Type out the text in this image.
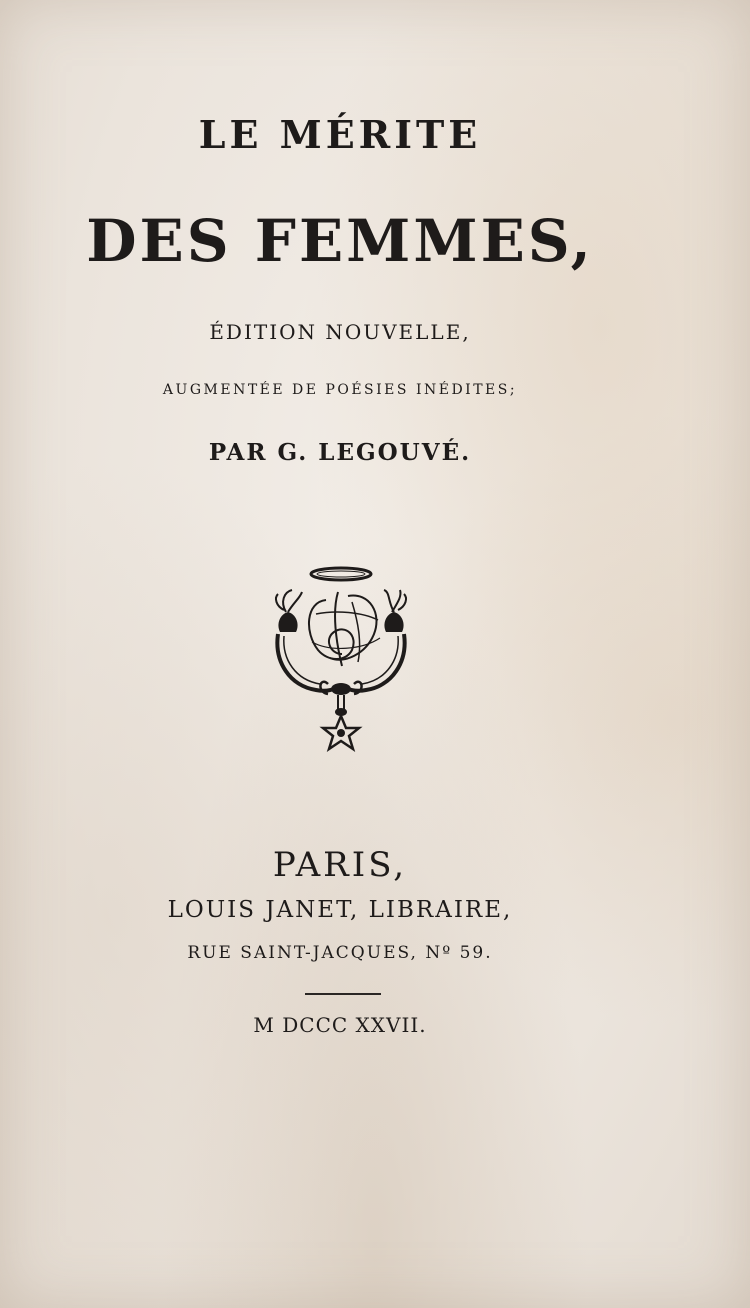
LE MÉRITE

DES FEMMES,

ÉDITION NOUVELLE,

AUGMENTÉE DE POÉSIES INÉDITES;

PAR G. LEGOUVÉ.

PARIS,

LOUIS JANET, LIBRAIRE,

RUE SAINT-JACQUES, Nº 59.

M DCCC XXVII.
